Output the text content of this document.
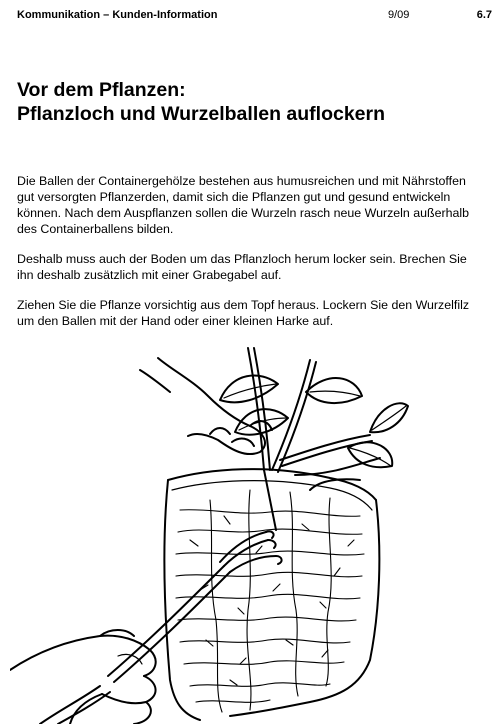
Kommunikation – Kunden-Information	9/09	6.7
Vor dem Pflanzen:
Pflanzloch und Wurzelballen auflockern

Die Ballen der Containergehölze bestehen aus humusreichen und mit Nährstoffen gut versorgten Pflanzerden, damit sich die Pflanzen gut und gesund entwickeln können. Nach dem Auspflanzen sollen die Wurzeln rasch neue Wurzeln außerhalb des Containerballens bilden.

Deshalb muss auch der Boden um das Pflanzloch herum locker sein. Brechen Sie ihn deshalb zusätzlich mit einer Grabegabel auf.

Ziehen Sie die Pflanze vorsichtig aus dem Topf heraus. Lockern Sie den Wurzelfilz um den Ballen mit der Hand oder einer kleinen Harke auf.
